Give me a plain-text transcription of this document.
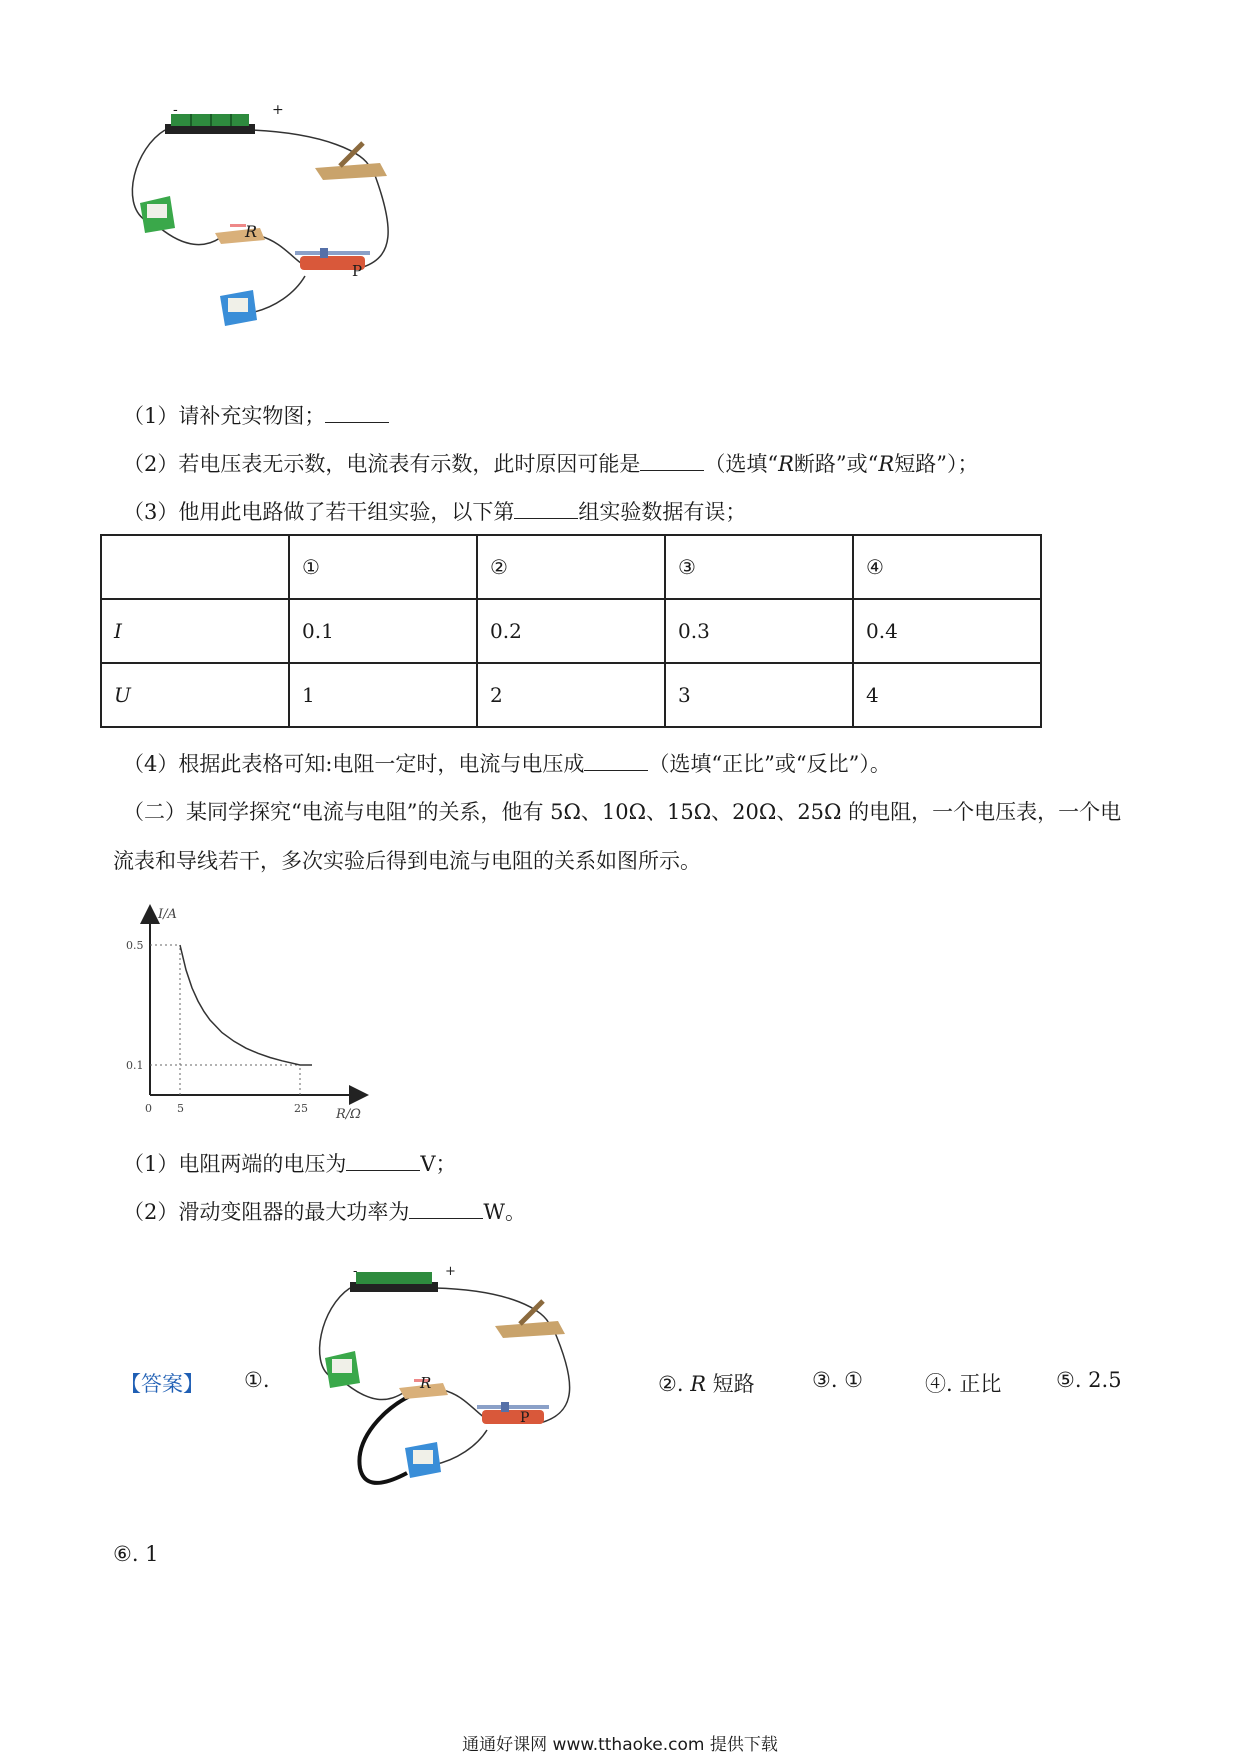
-	+
R
P
（1）请补充实物图；
（2）若电压表无示数，电流表有示数，此时原因可能是	（选填“R断路”或“R短路”）；
（3）他用此电路做了若干组实验，以下第	组实验数据有误；
	①	②	③	④
I	0.1	0.2	0.3	0.4
U	1	2	3	4
（4）根据此表格可知:电阻一定时，电流与电压成	（选填“正比”或“反比”）。
（二）某同学探究“电流与电阻”的关系，他有 5Ω、10Ω、15Ω、20Ω、25Ω 的电阻，一个电压表，一个电
流表和导线若干，多次实验后得到电流与电阻的关系如图所示。
I/A
R/Ω
0 5	25
0.5
0.1
（1）电阻两端的电压为	V；
（2）滑动变阻器的最大功率为	W。
【答案】 ①.
-	+
R
P
②. R 短路	③. ①	④. 正比	⑤. 2.5
⑥. 1
通通好课网 www.tthaoke.com 提供下载
